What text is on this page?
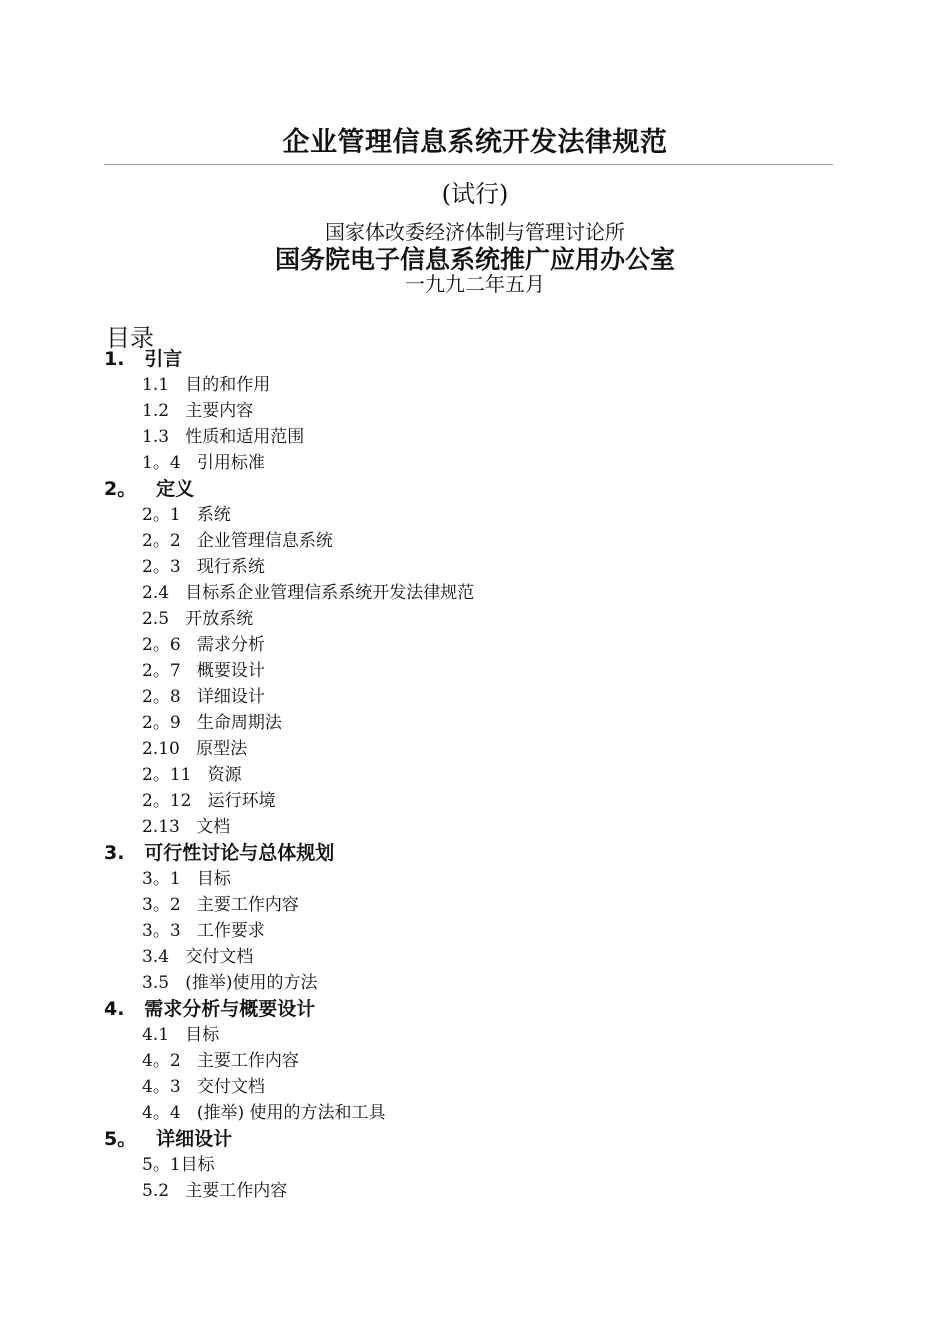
企业管理信息系统开发法律规范
(试行)
国家体改委经济体制与管理讨论所
国务院电子信息系统推广应用办公室
一九九二年五月
目录
1.   引言
1.1   目的和作用
1.2   主要内容
1.3   性质和适用范围
1。4   引用标准
2。   定义
2。1   系统
2。2   企业管理信息系统
2。3   现行系统
2.4   目标系企业管理信系系统开发法律规范
2.5   开放系统
2。6   需求分析
2。7   概要设计
2。8   详细设计
2。9   生命周期法
2.10   原型法
2。11   资源
2。12   运行环境
2.13   文档
3.   可行性讨论与总体规划
3。1   目标
3。2   主要工作内容
3。3   工作要求
3.4   交付文档
3.5   (推举)使用的方法
4.   需求分析与概要设计
4.1   目标
4。2   主要工作内容
4。3   交付文档
4。4   (推举) 使用的方法和工具
5。   详细设计
5。1目标
5.2   主要工作内容
